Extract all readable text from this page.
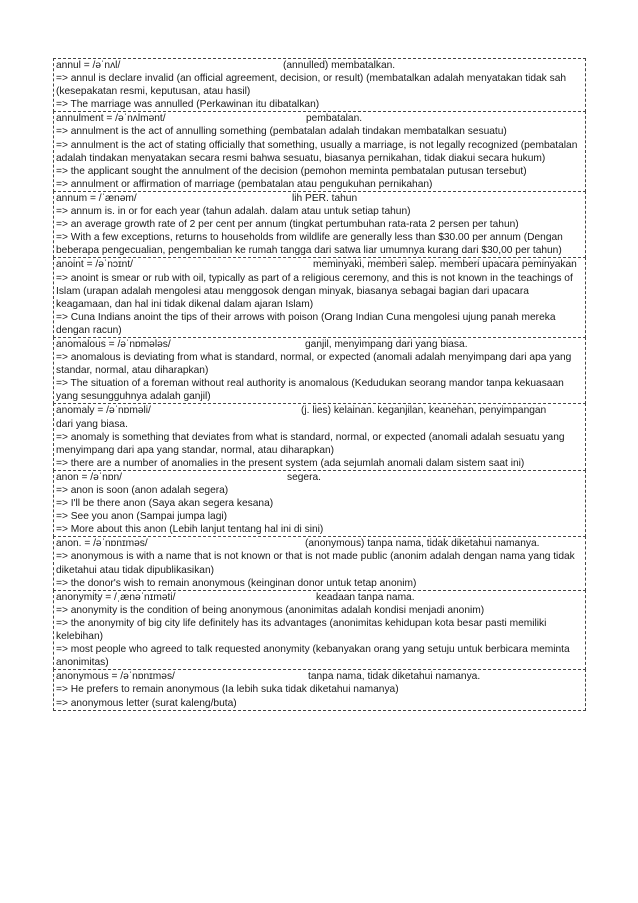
annul = /əˈnʌl/	(annulled) membatalkan.
=> annul is declare invalid (an official agreement, decision, or result) (membatalkan adalah menyatakan tidak sah (kesepakatan resmi, keputusan, atau hasil)
=> The marriage was annulled (Perkawinan itu dibatalkan)
annulment = /əˈnʌlmənt/	pembatalan.
=> annulment is the act of annulling something (pembatalan adalah tindakan membatalkan sesuatu)
=> annulment is the act of stating officially that something, usually a marriage, is not legally recognized (pembatalan adalah tindakan menyatakan secara resmi bahwa sesuatu, biasanya pernikahan, tidak diakui secara hukum)
=> the applicant sought the annulment of the decision (pemohon meminta pembatalan putusan tersebut)
=> annulment or affirmation of marriage (pembatalan atau pengukuhan pernikahan)
annum = /ˈænəm/	lih PER. tahun
=> annum is. in or for each year (tahun adalah. dalam atau untuk setiap tahun)
=> an average growth rate of 2 per cent per annum (tingkat pertumbuhan rata-rata 2 persen per tahun)
=> With a few exceptions, returns to households from wildlife are generally less than $30.00 per annum (Dengan beberapa pengecualian, pengembalian ke rumah tangga dari satwa liar umumnya kurang dari $30,00 per tahun)
anoint = /əˈnɔɪnt/	meminyaki, memberi salep. memberi upacara peminyakan
=> anoint is smear or rub with oil, typically as part of a religious ceremony, and this is not known in the teachings of Islam (urapan adalah mengolesi atau menggosok dengan minyak, biasanya sebagai bagian dari upacara keagamaan, dan hal ini tidak dikenal dalam ajaran Islam)
=> Cuna Indians anoint the tips of their arrows with poison (Orang Indian Cuna mengolesi ujung panah mereka dengan racun)
anomalous = /əˈnɒmələs/	ganjil, menyimpang dari yang biasa.
=> anomalous is deviating from what is standard, normal, or expected (anomali adalah menyimpang dari apa yang standar, normal, atau diharapkan)
=> The situation of a foreman without real authority is anomalous (Kedudukan seorang mandor tanpa kekuasaan yang sesungguhnya adalah ganjil)
anomaly = /əˈnɒməli/	(j. lies) kelainan. keganjilan, keanehan, penyimpangan
dari yang biasa.
=> anomaly is something that deviates from what is standard, normal, or expected (anomali adalah sesuatu yang menyimpang dari apa yang standar, normal, atau diharapkan)
=> there are a number of anomalies in the present system (ada sejumlah anomali dalam sistem saat ini)
anon = /əˈnɒn/	segera.
=> anon is soon (anon adalah segera)
=> I'll be there anon (Saya akan segera kesana)
=> See you anon (Sampai jumpa lagi)
=> More about this anon (Lebih lanjut tentang hal ini di sini)
anon. = /əˈnɒnɪməs/	(anonymous) tanpa nama, tidak diketahui namanya.
=> anonymous is with a name that is not known or that is not made public (anonim adalah dengan nama yang tidak diketahui atau tidak dipublikasikan)
=> the donor's wish to remain anonymous (keinginan donor untuk tetap anonim)
anonymity = /ˌænəˈnɪməti/	keadaan tanpa nama.
=> anonymity is the condition of being anonymous (anonimitas adalah kondisi menjadi anonim)
=> the anonymity of big city life definitely has its advantages (anonimitas kehidupan kota besar pasti memiliki kelebihan)
=> most people who agreed to talk requested anonymity (kebanyakan orang yang setuju untuk berbicara meminta anonimitas)
anonymous = /əˈnɒnɪməs/	tanpa nama, tidak diketahui namanya.
=> He prefers to remain anonymous (Ia lebih suka tidak diketahui namanya)
=> anonymous letter (surat kaleng/buta)
